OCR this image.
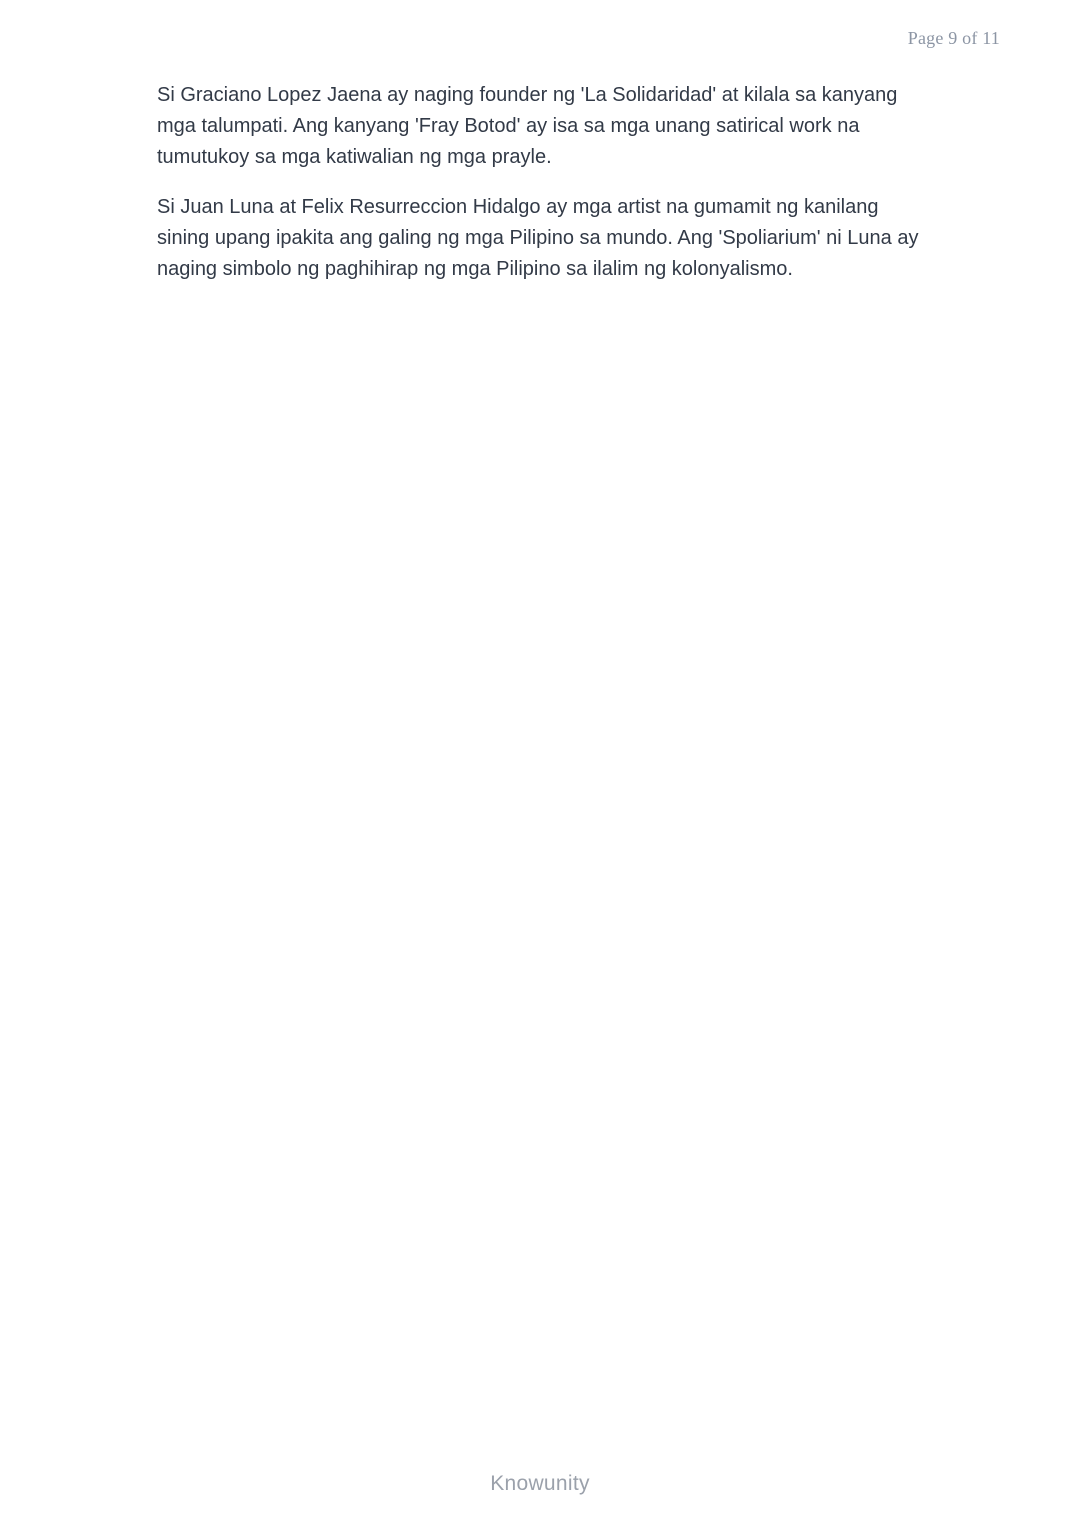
Page 9 of 11
Si Graciano Lopez Jaena ay naging founder ng 'La Solidaridad' at kilala sa kanyang
mga talumpati. Ang kanyang 'Fray Botod' ay isa sa mga unang satirical work na
tumutukoy sa mga katiwalian ng mga prayle.
Si Juan Luna at Felix Resurreccion Hidalgo ay mga artist na gumamit ng kanilang
sining upang ipakita ang galing ng mga Pilipino sa mundo. Ang 'Spoliarium' ni Luna ay
naging simbolo ng paghihirap ng mga Pilipino sa ilalim ng kolonyalismo.
Knowunity
